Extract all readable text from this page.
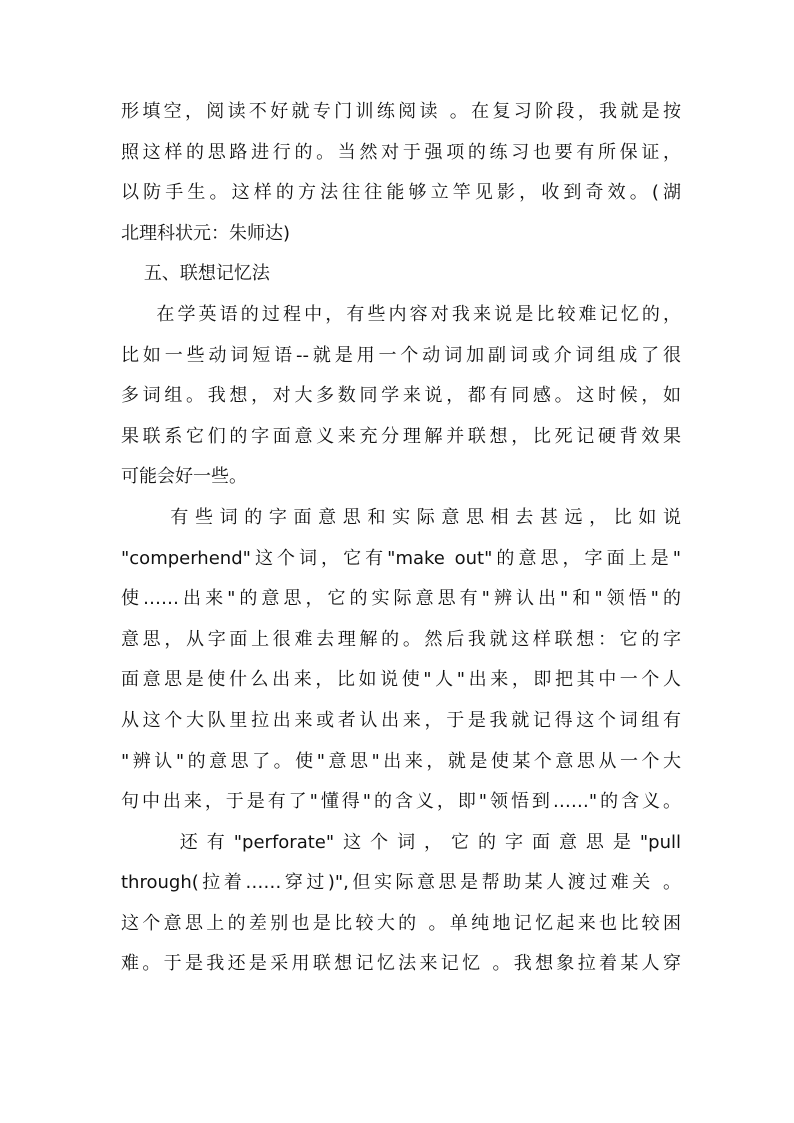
形填空，阅读不好就专门训练阅读 。在复习阶段，我就是按
照这样的思路进行的。当然对于强项的练习也要有所保证，
以防手生。这样的方法往往能够立竿见影，收到奇效。(湖
北理科状元：朱师达)
五、联想记忆法
在学英语的过程中，有些内容对我来说是比较难记忆的，
比如一些动词短语--就是用一个动词加副词或介词组成了很
多词组。我想，对大多数同学来说，都有同感。这时候，如
果联系它们的字面意义来充分理解并联想，比死记硬背效果
可能会好一些。
有些词的字面意思和实际意思相去甚远，比如说
"comperhend"这个词，它有"make out"的意思，字面上是"
使……出来"的意思，它的实际意思有"辨认出"和"领悟"的
意思，从字面上很难去理解的。然后我就这样联想：它的字
面意思是使什么出来，比如说使"人"出来，即把其中一个人
从这个大队里拉出来或者认出来，于是我就记得这个词组有
"辨认"的意思了。使"意思"出来，就是使某个意思从一个大
句中出来，于是有了"懂得"的含义，即"领悟到……"的含义。
还有"perforate"这个词，它的字面意思是"pull
through(拉着……穿过)",但实际意思是帮助某人渡过难关 。
这个意思上的差别也是比较大的 。单纯地记忆起来也比较困
难。于是我还是采用联想记忆法来记忆 。我想象拉着某人穿
